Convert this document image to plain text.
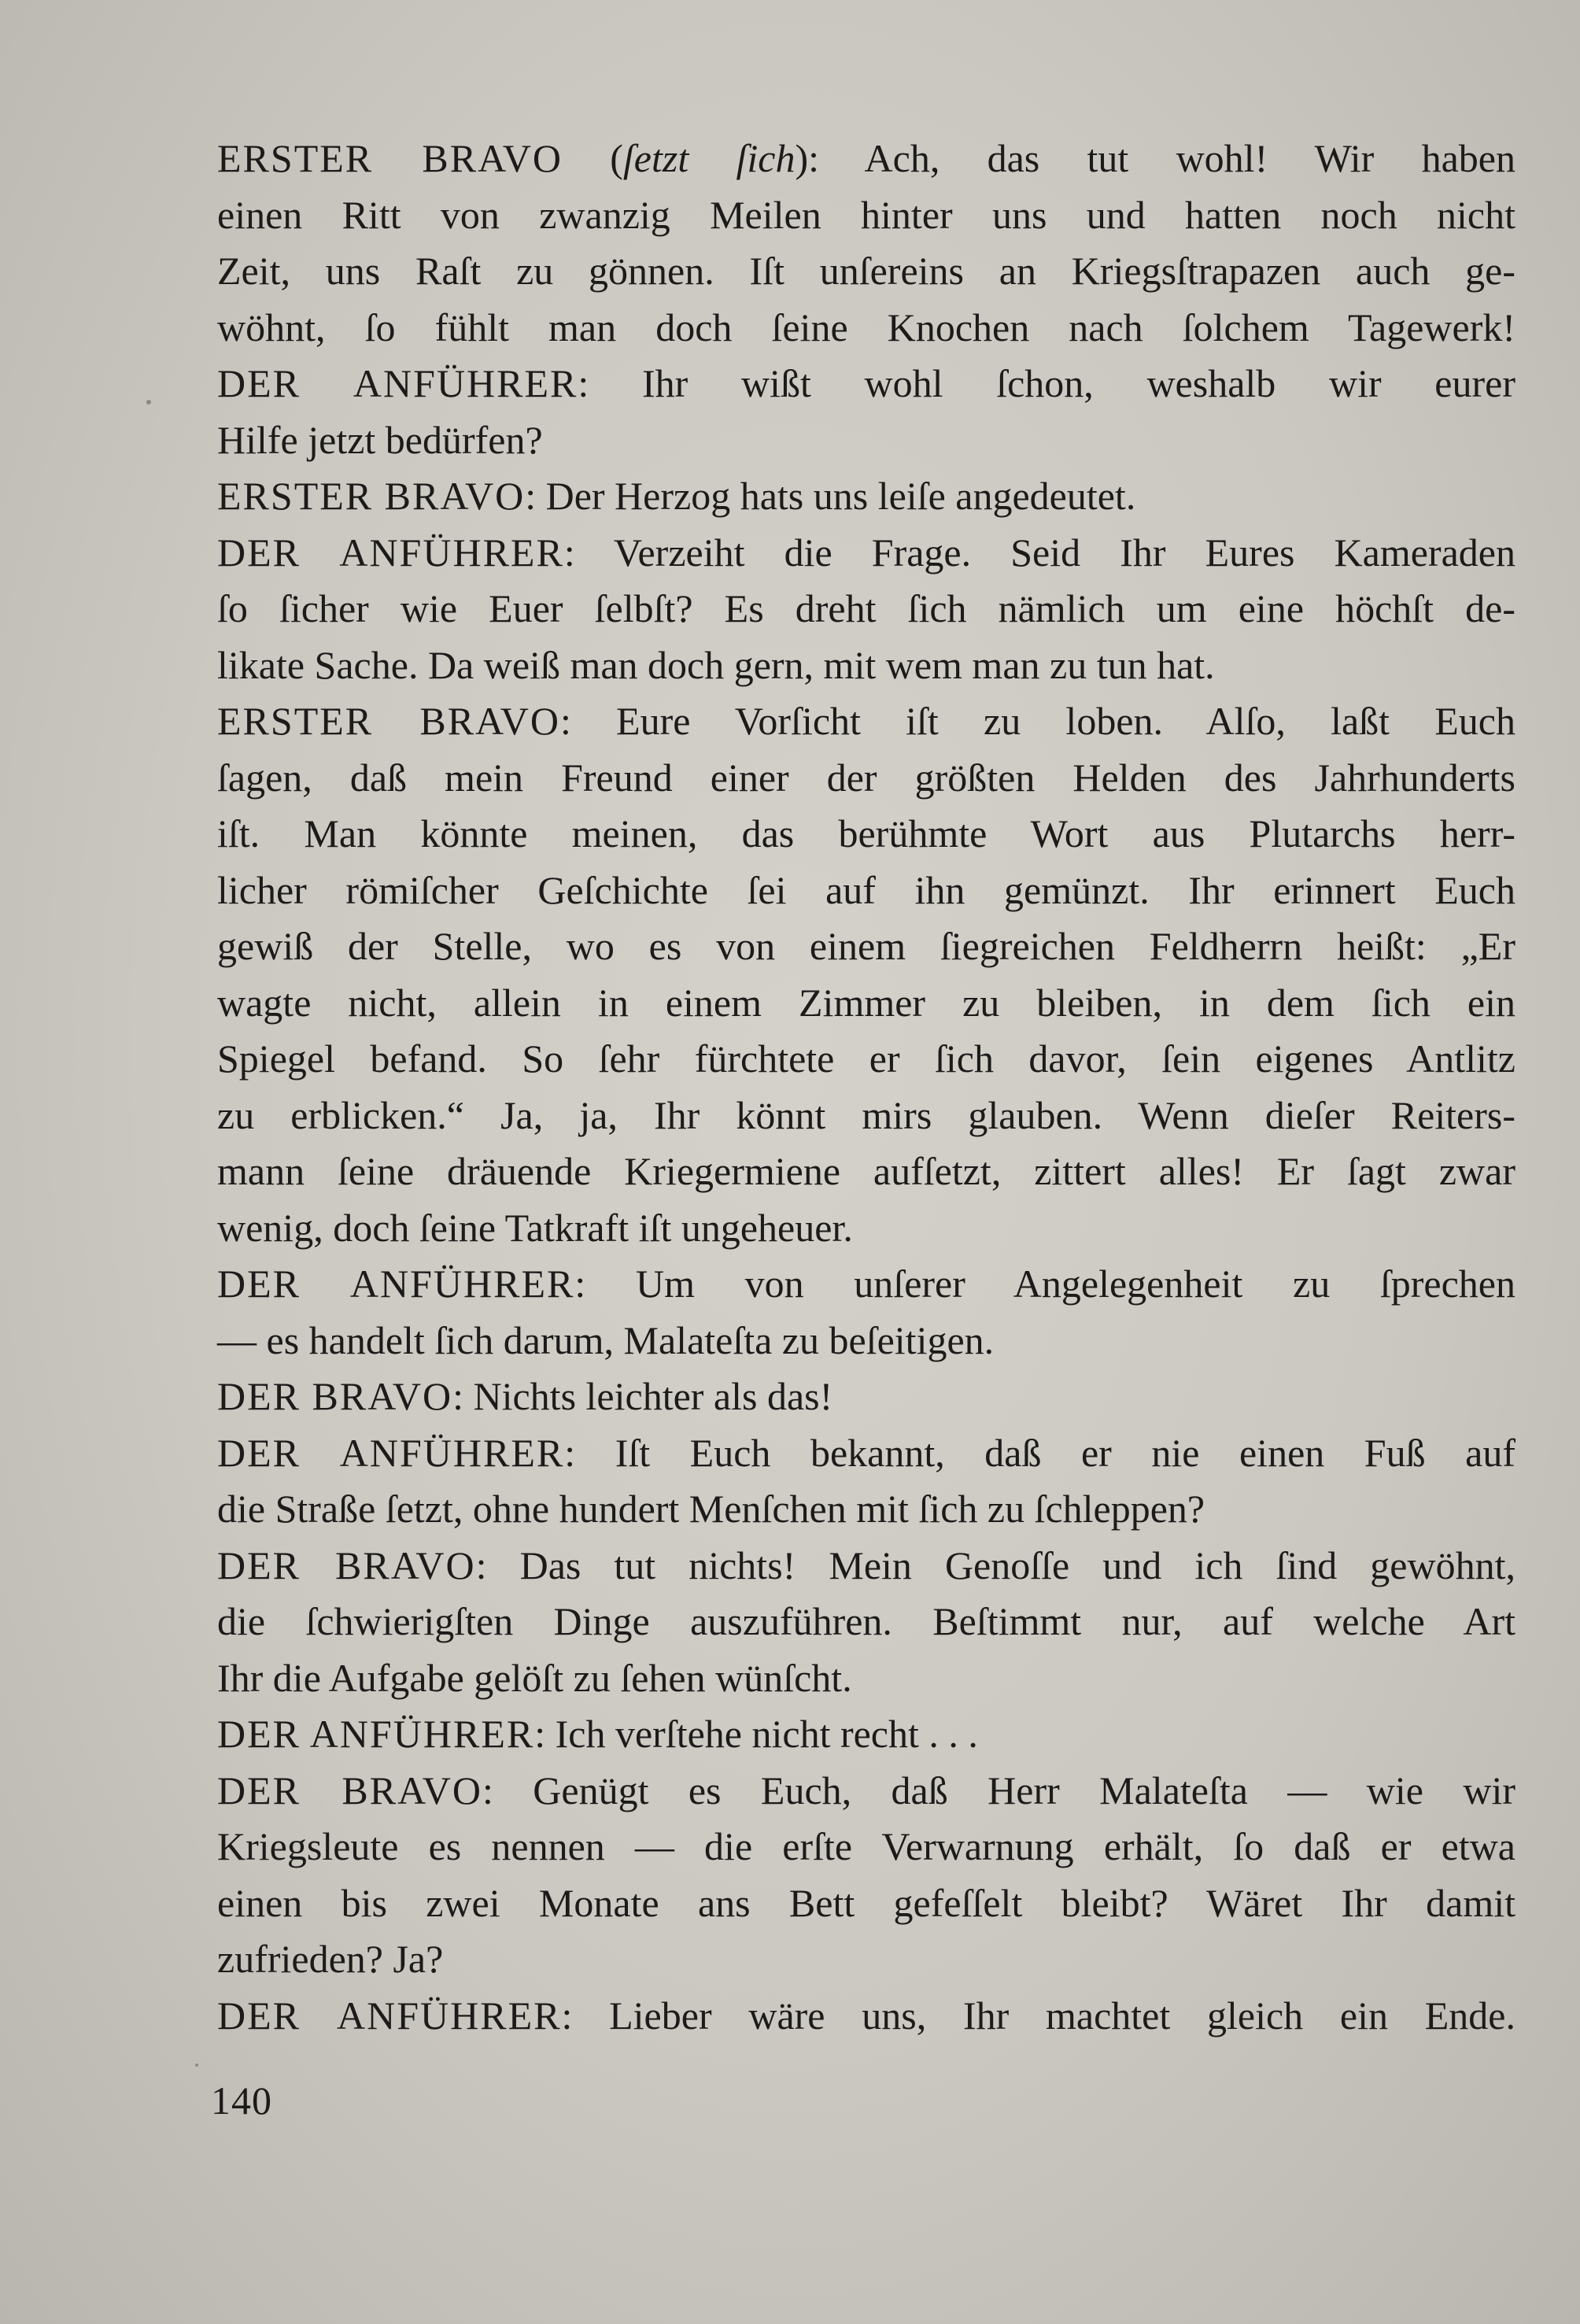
ERSTER BRAVO ( ſetzt ſich ): Ach, das tut wohl! Wir haben
einen Ritt von zwanzig Meilen hinter uns und hatten noch nicht
Zeit, uns Raſt zu gönnen. Iſt unſereins an Kriegsſtrapazen auch ge-
wöhnt, ſo fühlt man doch ſeine Knochen nach ſolchem Tagewerk!
DER ANFÜHRER : Ihr wißt wohl ſchon, weshalb wir eurer
Hilfe jetzt bedürfen?
ERSTER BRAVO : Der Herzog hats uns leiſe angedeutet.
DER ANFÜHRER : Verzeiht die Frage. Seid Ihr Eures Kameraden
ſo ſicher wie Euer ſelbſt? Es dreht ſich nämlich um eine höchſt de-
likate Sache. Da weiß man doch gern, mit wem man zu tun hat.
ERSTER BRAVO : Eure Vorſicht iſt zu loben. Alſo, laßt Euch
ſagen, daß mein Freund einer der größten Helden des Jahrhunderts
iſt. Man könnte meinen, das berühmte Wort aus Plutarchs herr-
licher römiſcher Geſchichte ſei auf ihn gemünzt. Ihr erinnert Euch
gewiß der Stelle, wo es von einem ſiegreichen Feldherrn heißt: „Er
wagte nicht, allein in einem Zimmer zu bleiben, in dem ſich ein
Spiegel befand. So ſehr fürchtete er ſich davor, ſein eigenes Antlitz
zu erblicken.“ Ja, ja, Ihr könnt mirs glauben. Wenn dieſer Reiters-
mann ſeine dräuende Kriegermiene aufſetzt, zittert alles! Er ſagt zwar
wenig, doch ſeine Tatkraft iſt ungeheuer.
DER ANFÜHRER : Um von unſerer Angelegenheit zu ſprechen
— es handelt ſich darum, Malateſta zu beſeitigen.
DER BRAVO : Nichts leichter als das!
DER ANFÜHRER : Iſt Euch bekannt, daß er nie einen Fuß auf
die Straße ſetzt, ohne hundert Menſchen mit ſich zu ſchleppen?
DER BRAVO : Das tut nichts! Mein Genoſſe und ich ſind gewöhnt,
die ſchwierigſten Dinge auszuführen. Beſtimmt nur, auf welche Art
Ihr die Aufgabe gelöſt zu ſehen wünſcht.
DER ANFÜHRER : Ich verſtehe nicht recht . . .
DER BRAVO : Genügt es Euch, daß Herr Malateſta — wie wir
Kriegsleute es nennen — die erſte Verwarnung erhält, ſo daß er etwa
einen bis zwei Monate ans Bett gefeſſelt bleibt? Wäret Ihr damit
zufrieden? Ja?
DER ANFÜHRER : Lieber wäre uns, Ihr machtet gleich ein Ende.
140
